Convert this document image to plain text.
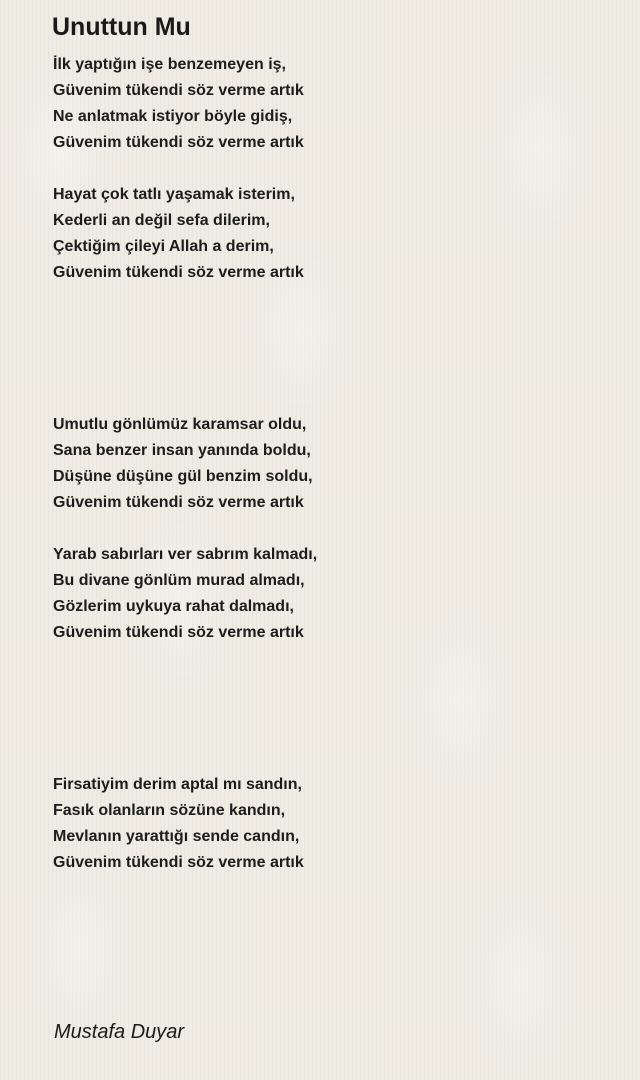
Unuttun Mu
İlk yaptığın işe benzemeyen iş,
Güvenim tükendi söz verme artık
Ne anlatmak istiyor böyle gidiş,
Güvenim tükendi söz verme artık
Hayat çok tatlı yaşamak isterim,
Kederli an değil sefa dilerim,
Çektiğim çileyi Allah a derim,
Güvenim tükendi söz verme artık
Umutlu gönlümüz karamsar oldu,
Sana benzer insan yanında boldu,
Düşüne düşüne gül benzim soldu,
Güvenim tükendi söz verme artık
Yarab sabırları ver sabrım kalmadı,
Bu divane gönlüm murad almadı,
Gözlerim uykuya rahat dalmadı,
Güvenim tükendi söz verme artık
Firsatiyim derim aptal mı sandın,
Fasık olanların sözüne kandın,
Mevlanın yarattığı sende candın,
Güvenim tükendi söz verme artık
Mustafa Duyar
